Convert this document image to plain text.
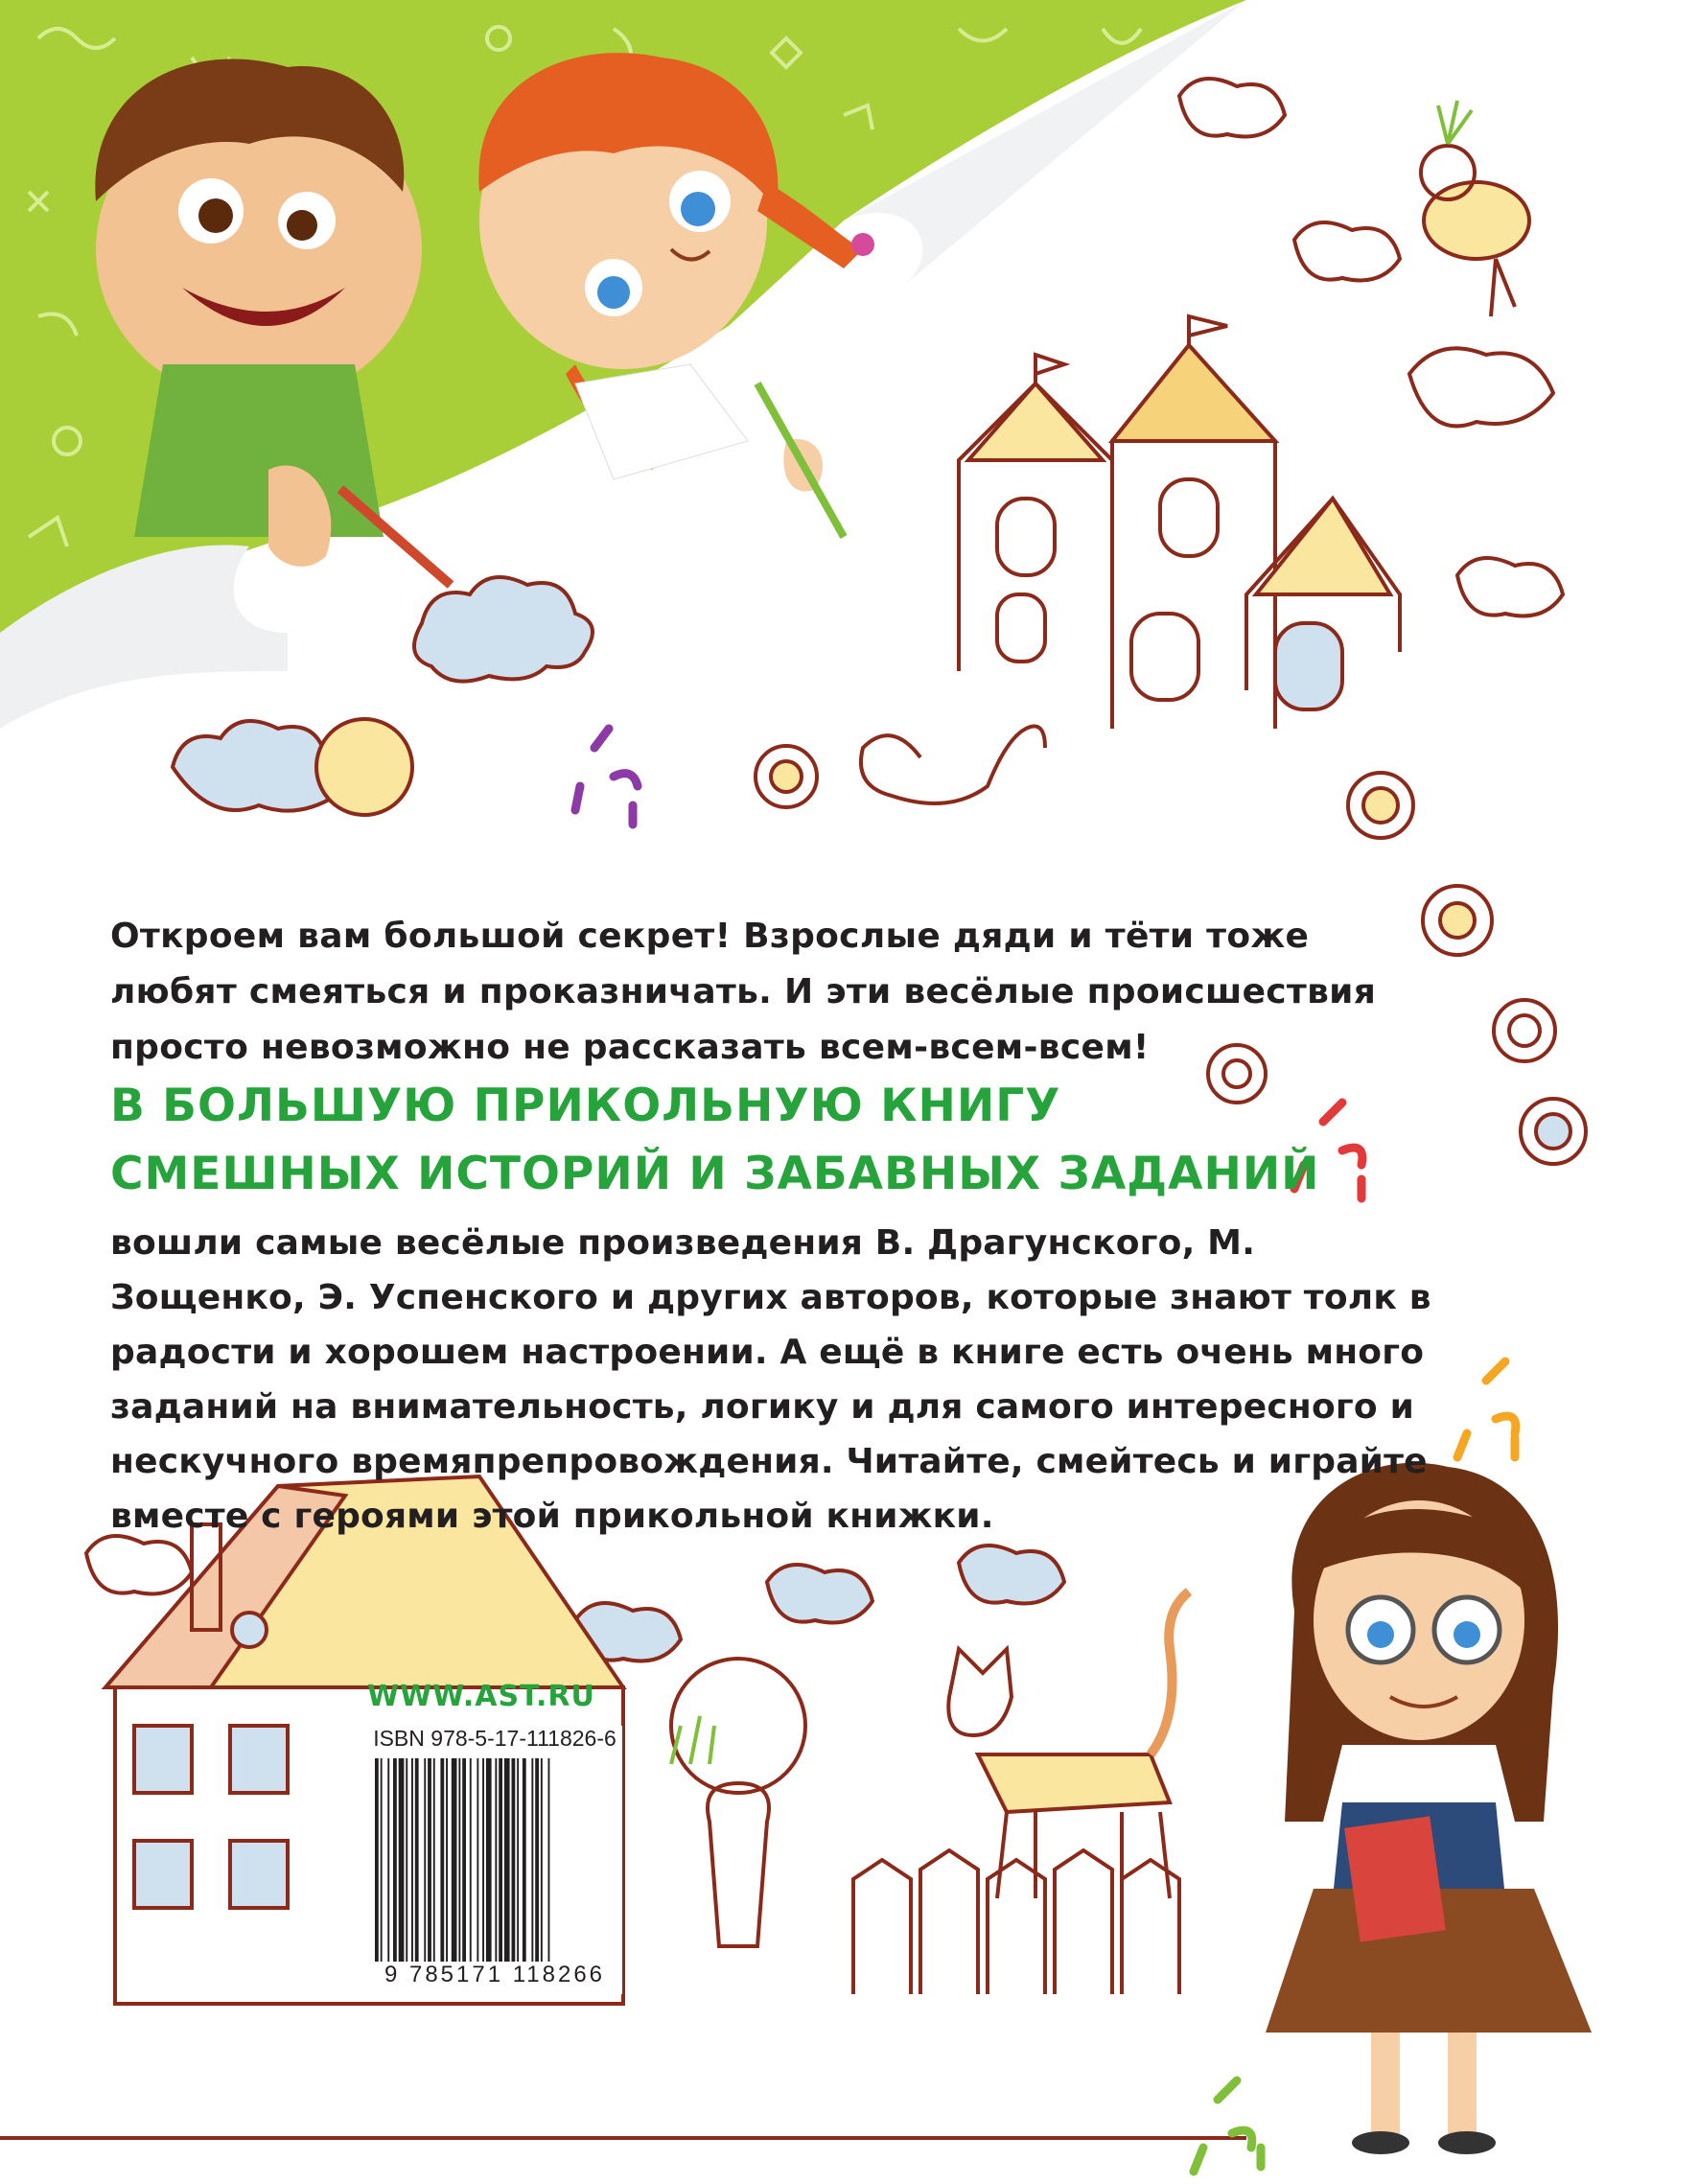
Откроем вам большой секрет! Взрослые дяди и тёти тоже любят смеяться и проказничать. И эти весёлые происшествия просто невозможно не рассказать всем-всем-всем!
В БОЛЬШУЮ ПРИКОЛЬНУЮ КНИГУ
СМЕШНЫХ ИСТОРИЙ И ЗАБАВНЫХ ЗАДАНИЙ
вошли самые весёлые произведения В. Драгунского, М. Зощенко, Э. Успенского и других авторов, которые знают толк в радости и хорошем настроении. А ещё в книге есть очень много заданий на внимательность, логику и для самого интересного и нескучного времяпрепровождения. Читайте, смейтесь и играйте вместе с героями этой прикольной книжки.
WWW.AST.RU
ISBN 978-5-17-111826-6
9 785171 118266
